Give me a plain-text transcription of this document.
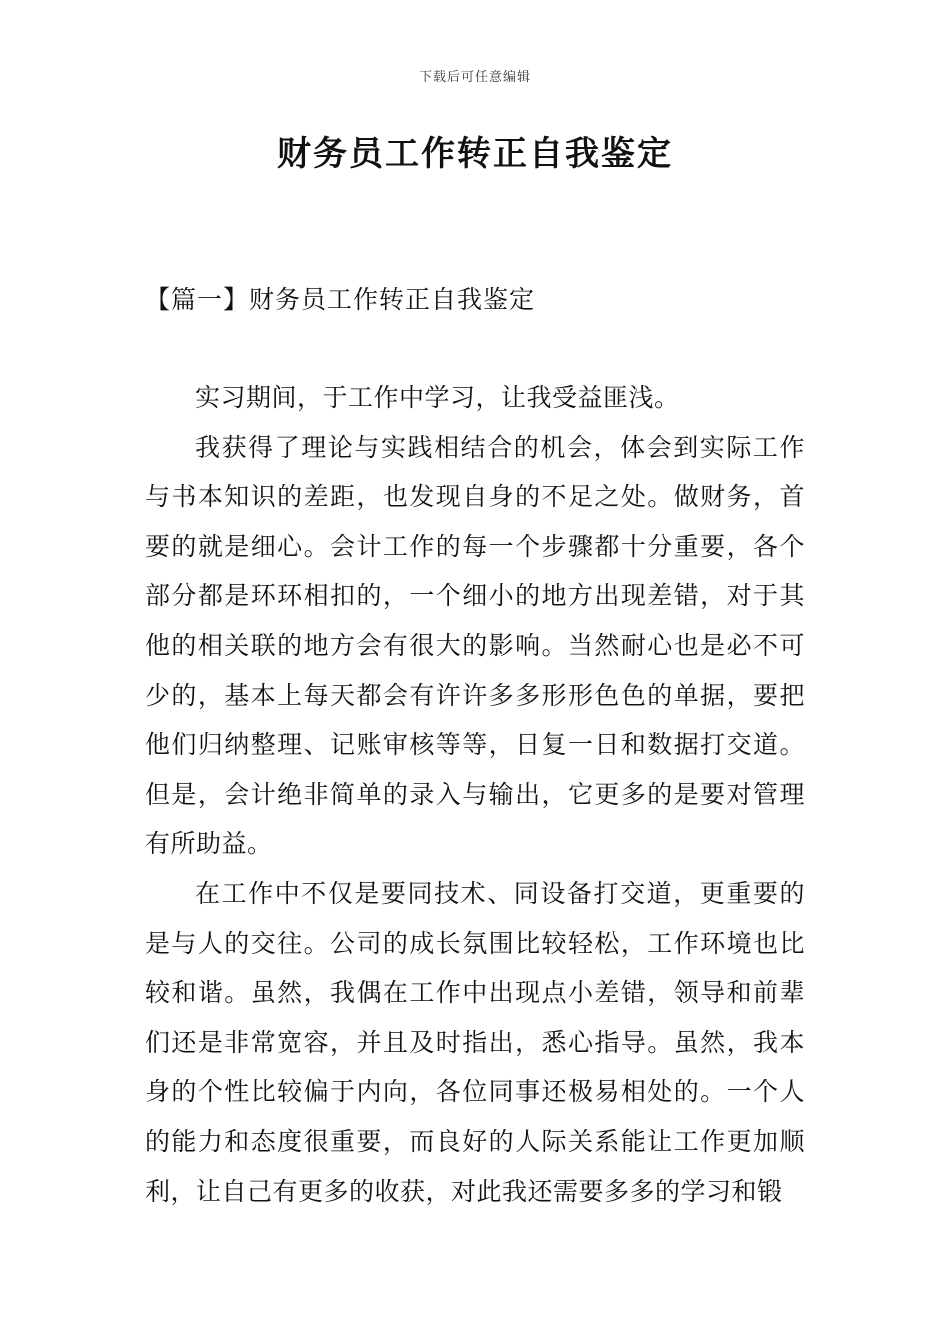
下载后可任意编辑
财务员工作转正自我鉴定
【篇一】财务员工作转正自我鉴定

实习期间，于工作中学习，让我受益匪浅。

我获得了理论与实践相结合的机会，体会到实际工作与书本知识的差距，也发现自身的不足之处。做财务，首要的就是细心。会计工作的每一个步骤都十分重要，各个部分都是环环相扣的，一个细小的地方出现差错，对于其他的相关联的地方会有很大的影响。当然耐心也是必不可少的，基本上每天都会有许许多多形形色色的单据，要把他们归纳整理、记账审核等等，日复一日和数据打交道。但是，会计绝非简单的录入与输出，它更多的是要对管理有所助益。

在工作中不仅是要同技术、同设备打交道，更重要的是与人的交往。公司的成长氛围比较轻松，工作环境也比较和谐。虽然，我偶在工作中出现点小差错，领导和前辈们还是非常宽容，并且及时指出，悉心指导。虽然，我本身的个性比较偏于内向，各位同事还极易相处的。一个人的能力和态度很重要，而良好的人际关系能让工作更加顺利，让自己有更多的收获，对此我还需要多多的学习和锻
